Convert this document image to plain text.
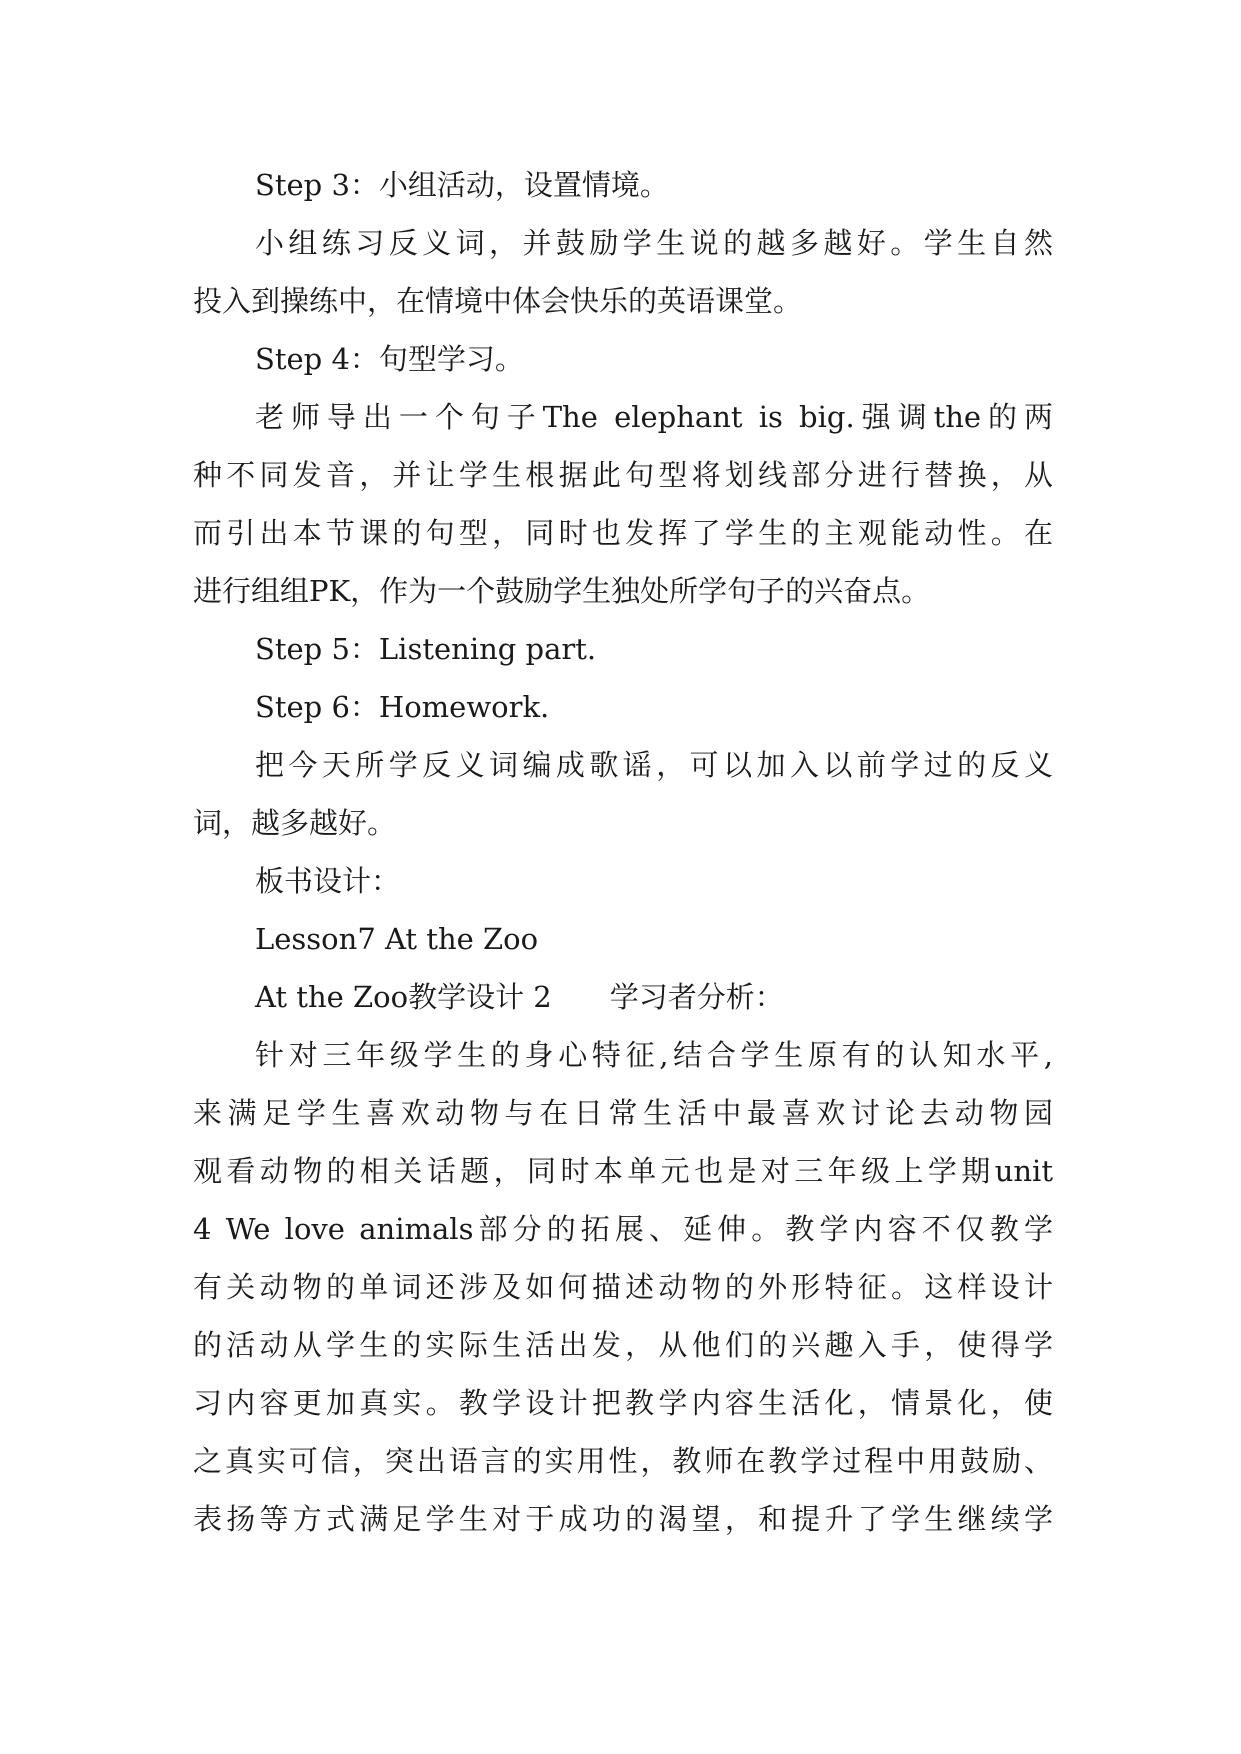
Step 3：小组活动，设置情境。
小组练习反义词，并鼓励学生说的越多越好。学生自然
投入到操练中，在情境中体会快乐的英语课堂。
Step 4：句型学习。
老师导出一个句子The elephant is big.强调the的两
种不同发音，并让学生根据此句型将划线部分进行替换，从
而引出本节课的句型，同时也发挥了学生的主观能动性。在
进行组组PK，作为一个鼓励学生独处所学句子的兴奋点。
Step 5：Listening part.
Step 6：Homework.
把今天所学反义词编成歌谣，可以加入以前学过的反义
词，越多越好。
板书设计：
Lesson7 At the Zoo
At the Zoo教学设计 2　　学习者分析：
针对三年级学生的身心特征,结合学生原有的认知水平,
来满足学生喜欢动物与在日常生活中最喜欢讨论去动物园
观看动物的相关话题，同时本单元也是对三年级上学期unit
4 We love animals部分的拓展、延伸。教学内容不仅教学
有关动物的单词还涉及如何描述动物的外形特征。这样设计
的活动从学生的实际生活出发，从他们的兴趣入手，使得学
习内容更加真实。教学设计把教学内容生活化，情景化，使
之真实可信，突出语言的实用性，教师在教学过程中用鼓励、
表扬等方式满足学生对于成功的渴望，和提升了学生继续学
